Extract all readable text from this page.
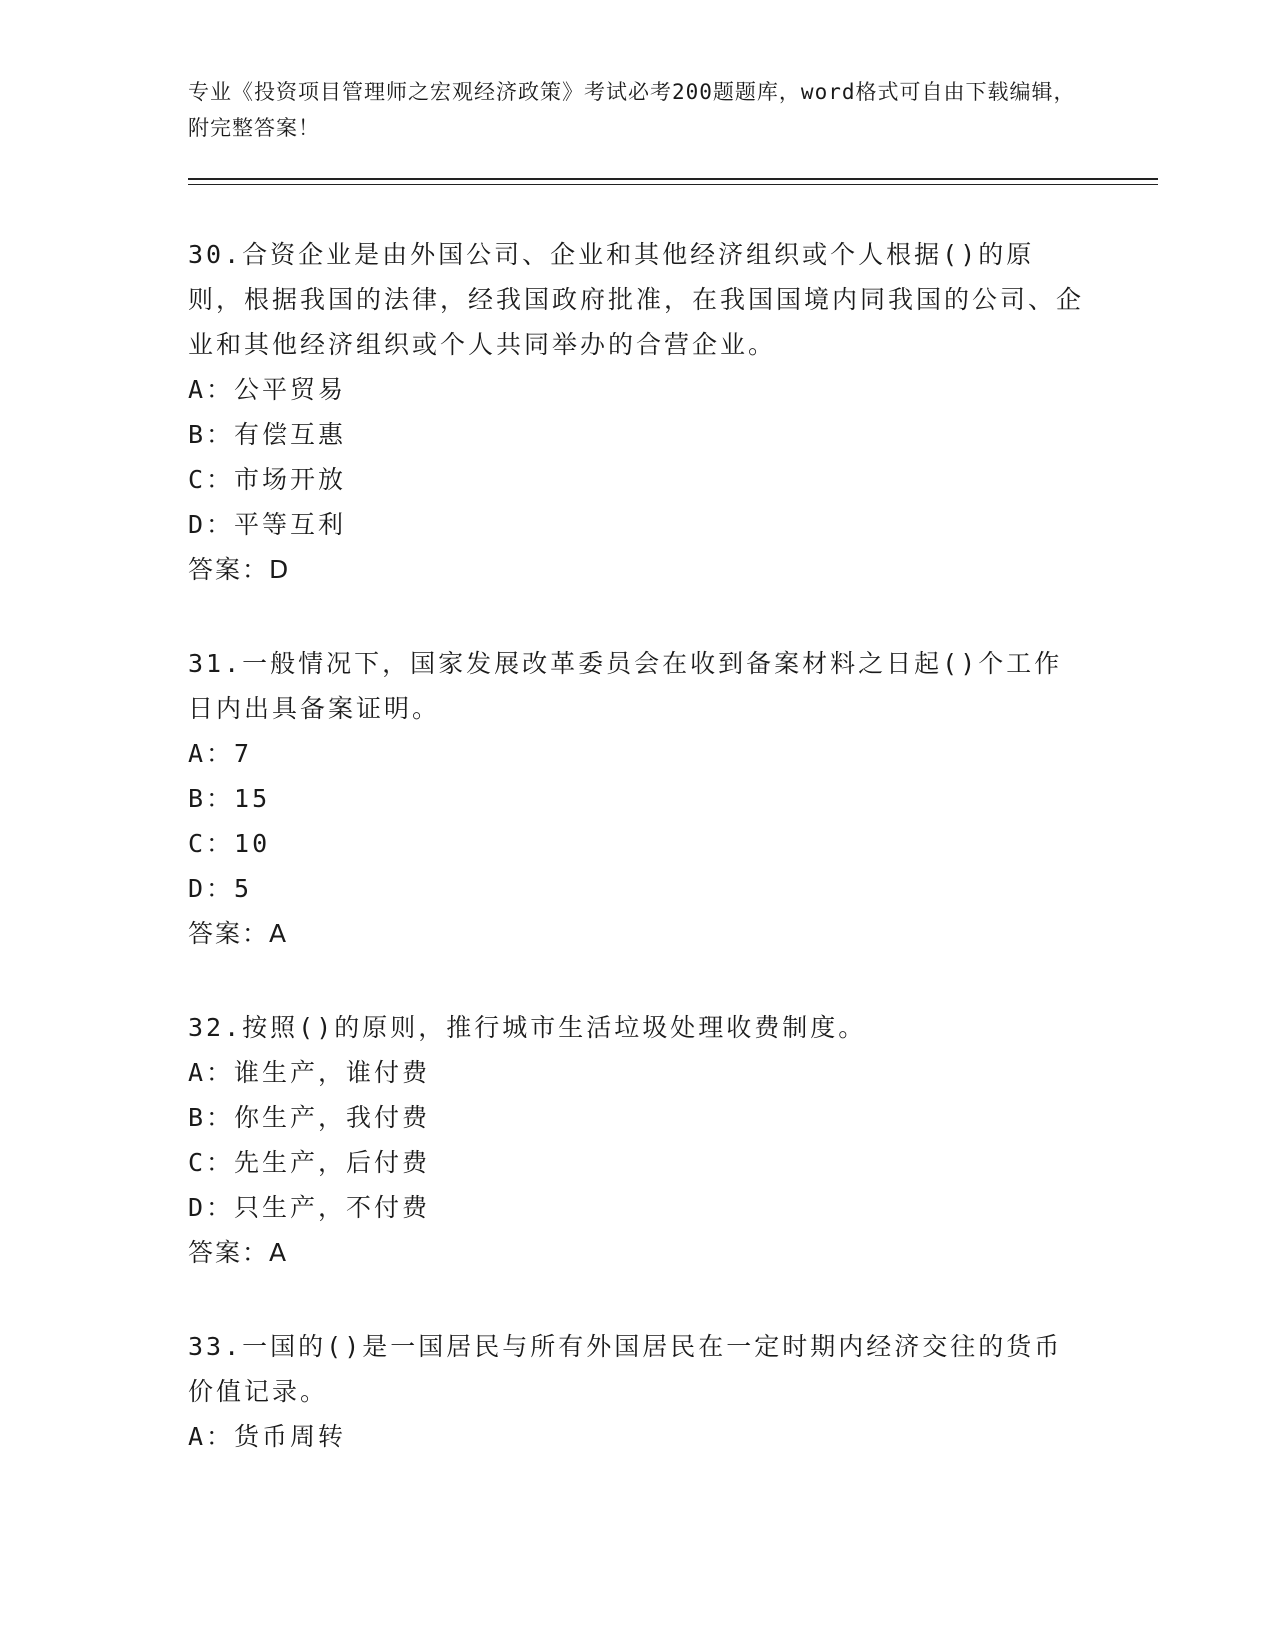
专业《投资项目管理师之宏观经济政策》考试必考200题题库，word格式可自由下载编辑，附完整答案！

30.合资企业是由外国公司、企业和其他经济组织或个人根据()的原则，根据我国的法律，经我国政府批准，在我国国境内同我国的公司、企业和其他经济组织或个人共同举办的合营企业。

A：公平贸易
B：有偿互惠
C：市场开放
D：平等互利
答案：D

31.一般情况下，国家发展改革委员会在收到备案材料之日起()个工作日内出具备案证明。

A：7
B：15
C：10
D：5
答案：A

32.按照()的原则，推行城市生活垃圾处理收费制度。

A：谁生产，谁付费
B：你生产，我付费
C：先生产，后付费
D：只生产，不付费
答案：A

33.一国的()是一国居民与所有外国居民在一定时期内经济交往的货币价值记录。

A：货币周转
